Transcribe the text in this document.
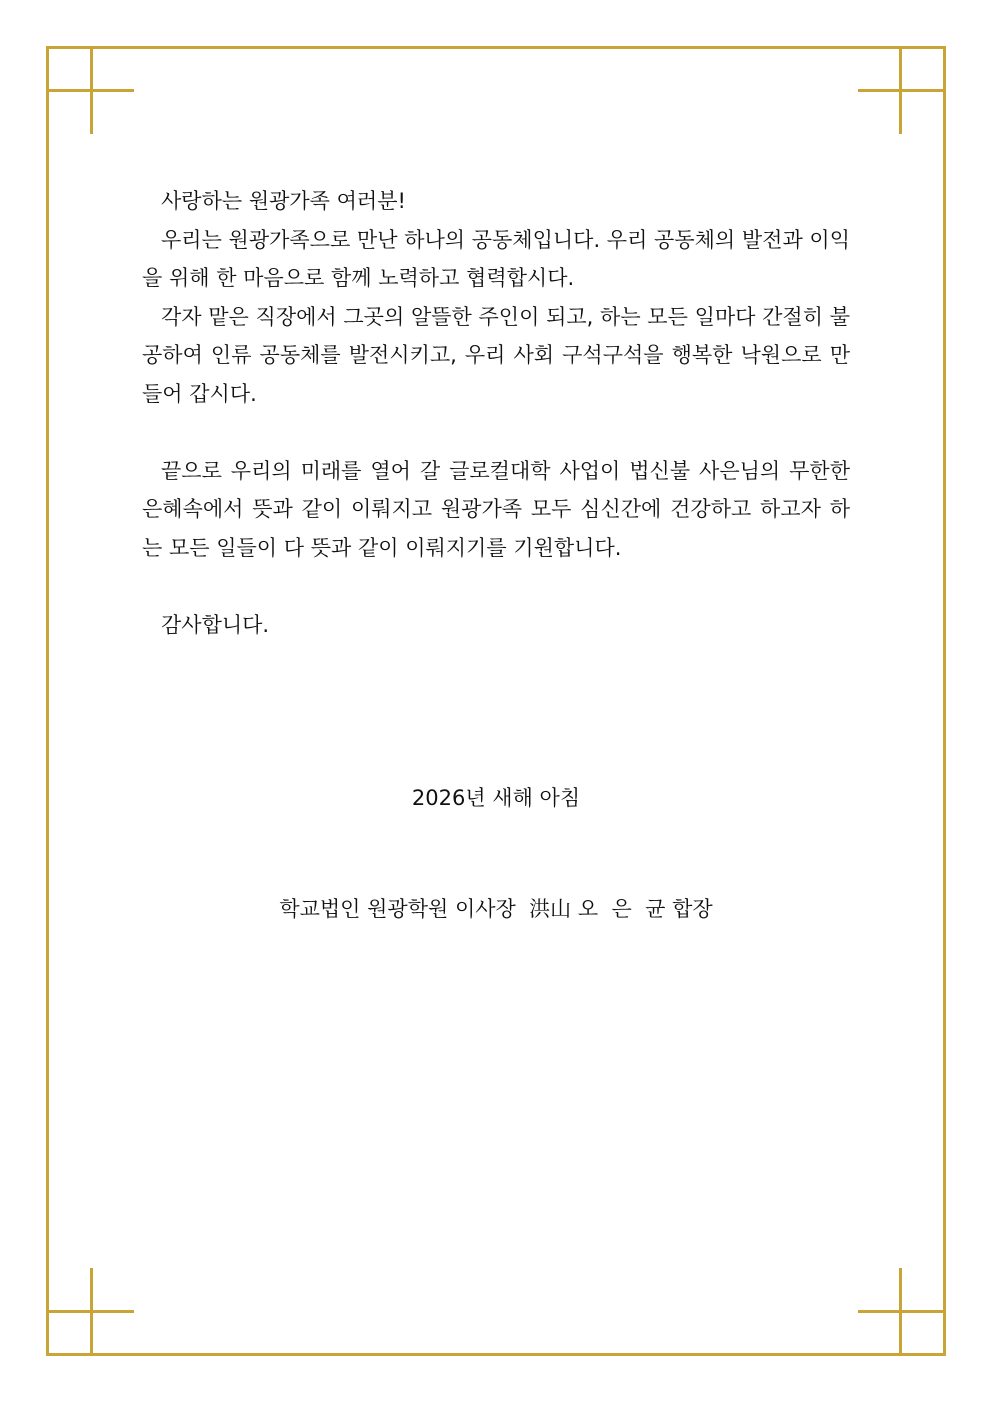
사랑하는 원광가족 여러분!

우리는 원광가족으로 만난 하나의 공동체입니다. 우리 공동체의 발전과 이익을 위해 한 마음으로 함께 노력하고 협력합시다.

각자 맡은 직장에서 그곳의 알뜰한 주인이 되고, 하는 모든 일마다 간절히 불공하여 인류 공동체를 발전시키고, 우리 사회 구석구석을 행복한 낙원으로 만들어 갑시다.

끝으로 우리의 미래를 열어 갈 글로컬대학 사업이 법신불 사은님의 무한한 은혜속에서 뜻과 같이 이뤄지고 원광가족 모두 심신간에 건강하고 하고자 하는 모든 일들이 다 뜻과 같이 이뤄지기를 기원합니다.

감사합니다.

2026년 새해 아침
학교법인 원광학원 이사장  洪山 오  은  균 합장
